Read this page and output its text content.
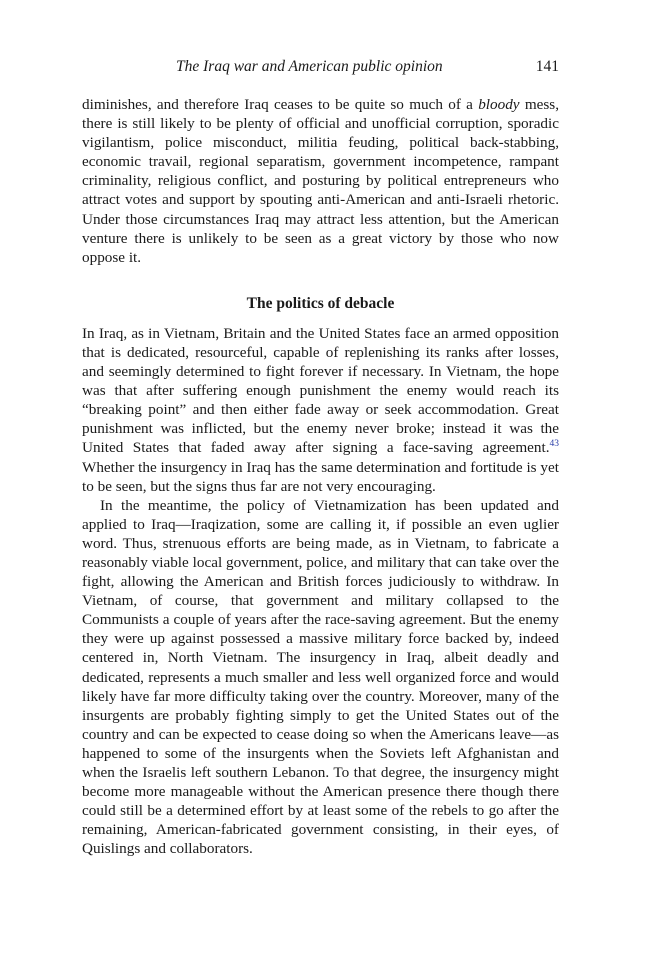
The Iraq war and American public opinion	141

diminishes, and therefore Iraq ceases to be quite so much of a bloody mess, there is still likely to be plenty of official and unofficial corruption, sporadic vigilantism, police misconduct, militia feuding, political back-stabbing, economic travail, regional separatism, government incompetence, rampant criminality, religious conflict, and posturing by political entrepreneurs who attract votes and support by spouting anti-American and anti-Israeli rhetoric. Under those circumstances Iraq may attract less attention, but the American venture there is unlikely to be seen as a great victory by those who now oppose it.

The politics of debacle

In Iraq, as in Vietnam, Britain and the United States face an armed opposition that is dedicated, resourceful, capable of replenishing its ranks after losses, and seemingly determined to fight forever if necessary. In Vietnam, the hope was that after suffering enough punishment the enemy would reach its “breaking point” and then either fade away or seek accommodation. Great punishment was inflicted, but the enemy never broke; instead it was the United States that faded away after signing a face-saving agreement.$^{43}$ Whether the insurgency in Iraq has the same determination and fortitude is yet to be seen, but the signs thus far are not very encouraging.

In the meantime, the policy of Vietnamization has been updated and applied to Iraq—Iraqization, some are calling it, if possible an even uglier word. Thus, strenuous efforts are being made, as in Vietnam, to fabricate a reasonably viable local government, police, and military that can take over the fight, allowing the American and British forces judiciously to withdraw. In Vietnam, of course, that government and military collapsed to the Communists a couple of years after the race-saving agreement. But the enemy they were up against possessed a massive military force backed by, indeed centered in, North Vietnam. The insurgency in Iraq, albeit deadly and dedicated, represents a much smaller and less well organized force and would likely have far more difficulty taking over the country. Moreover, many of the insurgents are probably fighting simply to get the United States out of the country and can be expected to cease doing so when the Americans leave—as happened to some of the insurgents when the Soviets left Afghanistan and when the Israelis left southern Lebanon. To that degree, the insurgency might become more manageable without the American presence there though there could still be a determined effort by at least some of the rebels to go after the remaining, American-fabricated government consisting, in their eyes, of Quislings and collaborators.
